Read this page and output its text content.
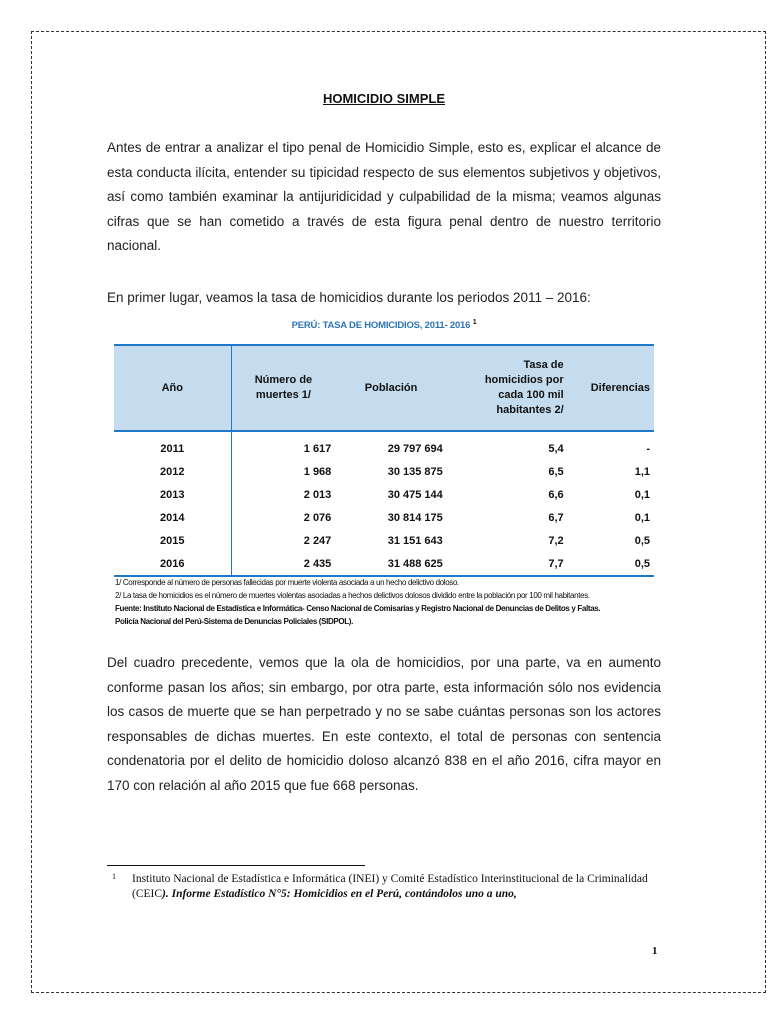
HOMICIDIO SIMPLE

Antes de entrar a analizar el tipo penal de Homicidio Simple, esto es, explicar el alcance de esta conducta ilícita, entender su tipicidad respecto de sus elementos subjetivos y objetivos, así como también examinar la antijuridicidad y culpabilidad de la misma; veamos algunas cifras que se han cometido a través de esta figura penal dentro de nuestro territorio nacional.

En primer lugar, veamos la tasa de homicidios durante los periodos 2011 – 2016:

PERÚ: TASA DE HOMICIDIOS, 2011- 2016 $^1$
Año	Número de muertes 1/	Población	Tasa de homicidios por cada 100 mil habitantes 2/	Diferencias
2011	1 617	29 797 694	5,4	-
2012	1 968	30 135 875	6,5	1,1
2013	2 013	30 475 144	6,6	0,1
2014	2 076	30 814 175	6,7	0,1
2015	2 247	31 151 643	7,2	0,5
2016	2 435	31 488 625	7,7	0,5
1/ Corresponde al número de personas fallecidas por muerte violenta asociada a un hecho delictivo doloso.
2/ La tasa de homicidios es el número de muertes violentas asociadas a hechos delictivos dolosos dividido entre la población por 100 mil habitantes.
Fuente: Instituto Nacional de Estadística e Informática- Censo Nacional de Comisarías y Registro Nacional de Denuncias de Delitos y Faltas.
Policía Nacional del Perú-Sistema de Denuncias Policiales (SIDPOL).

Del cuadro precedente, vemos que la ola de homicidios, por una parte, va en aumento conforme pasan los años; sin embargo, por otra parte, esta información sólo nos evidencia los casos de muerte que se han perpetrado y no se sabe cuántas personas son los actores responsables de dichas muertes. En este contexto, el total de personas con sentencia condenatoria por el delito de homicidio doloso alcanzó 838 en el año 2016, cifra mayor en 170 con relación al año 2015 que fue 668 personas.

1 Instituto Nacional de Estadística e Informática (INEI) y Comité Estadístico Interinstitucional de la Criminalidad (CEIC). Informe Estadístico N°5: Homicidios en el Perú, contándolos uno a uno,
1
